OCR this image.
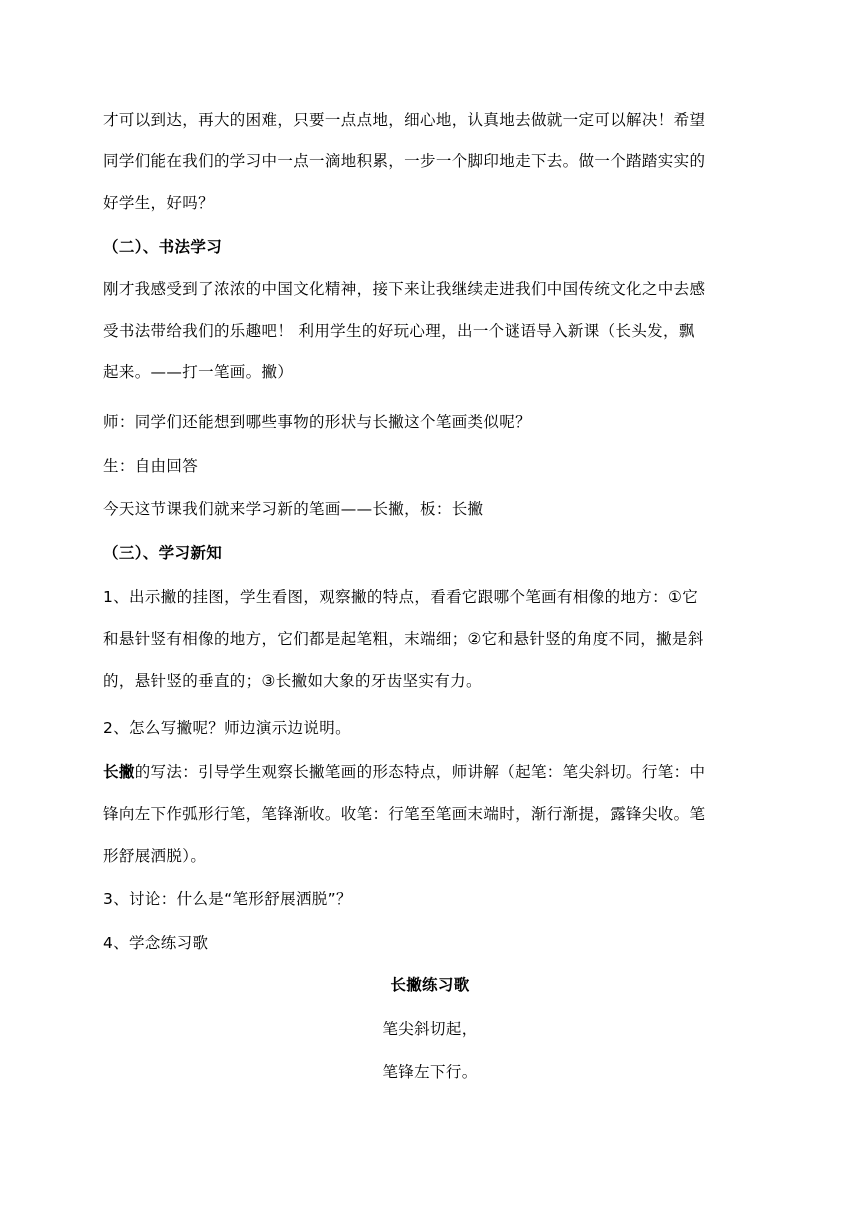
才可以到达，再大的困难，只要一点点地，细心地，认真地去做就一定可以解决！希望
同学们能在我们的学习中一点一滴地积累，一步一个脚印地走下去。做一个踏踏实实的
好学生，好吗？
（二）、书法学习
刚才我感受到了浓浓的中国文化精神，接下来让我继续走进我们中国传统文化之中去感
受书法带给我们的乐趣吧！ 利用学生的好玩心理，出一个谜语导入新课（长头发，飘
起来。——打一笔画。撇）
师：同学们还能想到哪些事物的形状与长撇这个笔画类似呢？
生：自由回答
今天这节课我们就来学习新的笔画——长撇，板：长撇
（三）、学习新知
1、出示撇的挂图，学生看图，观察撇的特点，看看它跟哪个笔画有相像的地方：①它
和悬针竖有相像的地方，它们都是起笔粗，末端细；②它和悬针竖的角度不同，撇是斜
的，悬针竖的垂直的；③长撇如大象的牙齿坚实有力。
2、怎么写撇呢？师边演示边说明。
长撇的写法：引导学生观察长撇笔画的形态特点，师讲解（起笔：笔尖斜切。行笔：中
锋向左下作弧形行笔，笔锋渐收。收笔：行笔至笔画末端时，渐行渐提，露锋尖收。笔
形舒展洒脱）。
3、讨论：什么是“笔形舒展洒脱”？
4、学念练习歌
长撇练习歌
笔尖斜切起，
笔锋左下行。
